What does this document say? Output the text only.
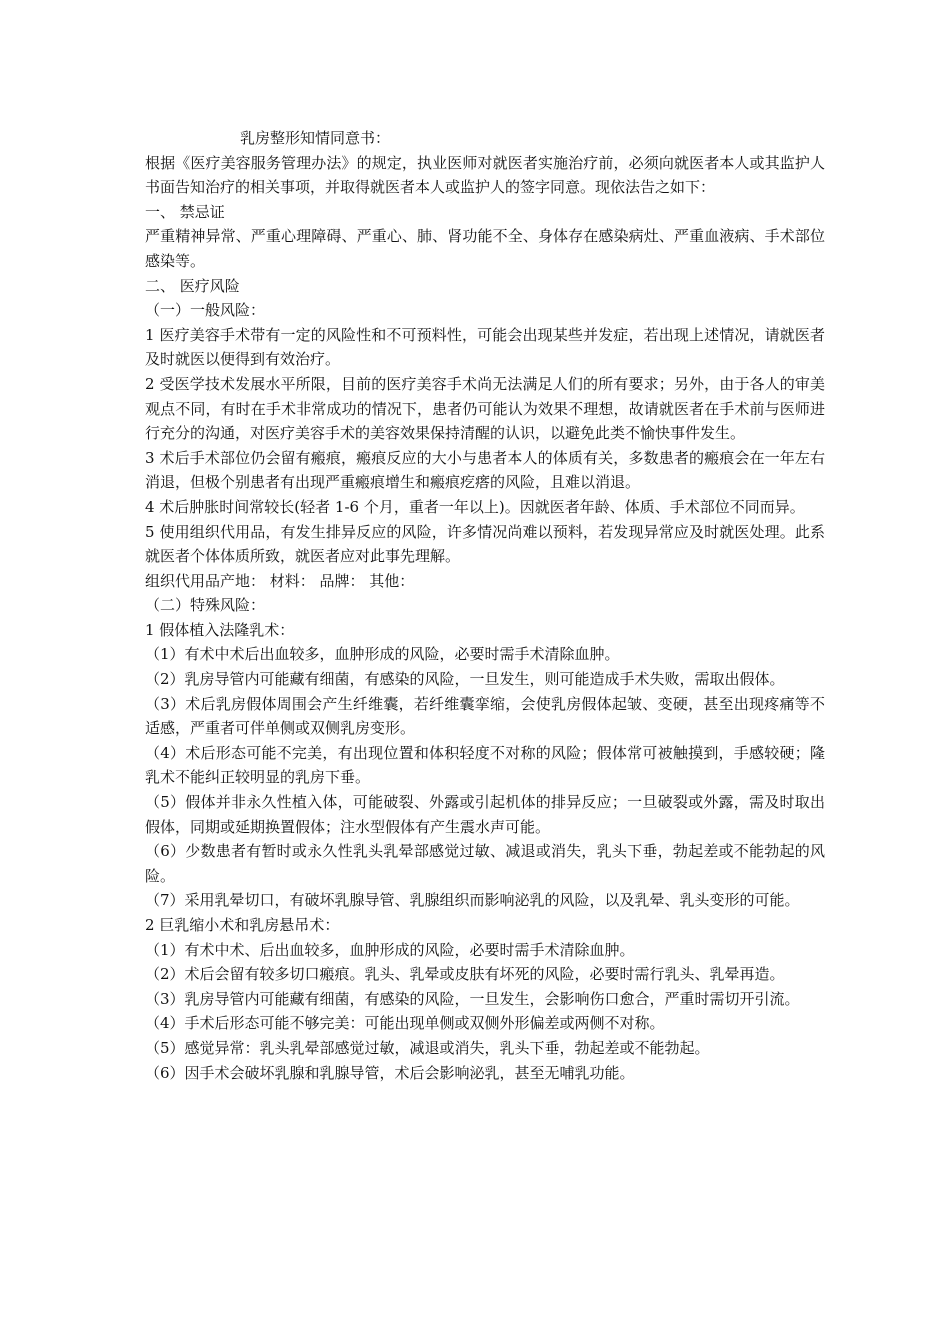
乳房整形知情同意书：

根据《医疗美容服务管理办法》的规定，执业医师对就医者实施治疗前，必须向就医者本人或其监护人书面告知治疗的相关事项，并取得就医者本人或监护人的签字同意。现依法告之如下：

一、 禁忌证

严重精神异常、严重心理障碍、严重心、肺、肾功能不全、身体存在感染病灶、严重血液病、手术部位感染等。

二、 医疗风险

（一）一般风险：

1 医疗美容手术带有一定的风险性和不可预料性，可能会出现某些并发症，若出现上述情况，请就医者及时就医以便得到有效治疗。

2 受医学技术发展水平所限，目前的医疗美容手术尚无法满足人们的所有要求；另外，由于各人的审美观点不同，有时在手术非常成功的情况下，患者仍可能认为效果不理想，故请就医者在手术前与医师进行充分的沟通，对医疗美容手术的美容效果保持清醒的认识，以避免此类不愉快事件发生。

3 术后手术部位仍会留有瘢痕，瘢痕反应的大小与患者本人的体质有关，多数患者的瘢痕会在一年左右消退，但极个别患者有出现严重瘢痕增生和瘢痕疙瘩的风险，且难以消退。

4 术后肿胀时间常较长(轻者 1-6 个月，重者一年以上)。因就医者年龄、体质、手术部位不同而异。

5 使用组织代用品，有发生排异反应的风险，许多情况尚难以预料，若发现异常应及时就医处理。此系就医者个体体质所致，就医者应对此事先理解。

组织代用品产地： 材料： 品牌： 其他：

（二）特殊风险：

1 假体植入法隆乳术：

（1）有术中术后出血较多，血肿形成的风险，必要时需手术清除血肿。

（2）乳房导管内可能藏有细菌，有感染的风险，一旦发生，则可能造成手术失败，需取出假体。

（3）术后乳房假体周围会产生纤维囊，若纤维囊挛缩，会使乳房假体起皱、变硬，甚至出现疼痛等不适感，严重者可伴单侧或双侧乳房变形。

（4）术后形态可能不完美，有出现位置和体积轻度不对称的风险；假体常可被触摸到，手感较硬；隆乳术不能纠正较明显的乳房下垂。

（5）假体并非永久性植入体，可能破裂、外露或引起机体的排异反应；一旦破裂或外露，需及时取出假体，同期或延期换置假体；注水型假体有产生震水声可能。

（6）少数患者有暂时或永久性乳头乳晕部感觉过敏、减退或消失，乳头下垂，勃起差或不能勃起的风险。

（7）采用乳晕切口，有破坏乳腺导管、乳腺组织而影响泌乳的风险，以及乳晕、乳头变形的可能。

2 巨乳缩小术和乳房悬吊术：

（1）有术中术、后出血较多，血肿形成的风险，必要时需手术清除血肿。

（2）术后会留有较多切口瘢痕。乳头、乳晕或皮肤有坏死的风险，必要时需行乳头、乳晕再造。

（3）乳房导管内可能藏有细菌，有感染的风险，一旦发生，会影响伤口愈合，严重时需切开引流。

（4）手术后形态可能不够完美：可能出现单侧或双侧外形偏差或两侧不对称。

（5）感觉异常：乳头乳晕部感觉过敏，减退或消失，乳头下垂，勃起差或不能勃起。

（6）因手术会破坏乳腺和乳腺导管，术后会影响泌乳，甚至无哺乳功能。
